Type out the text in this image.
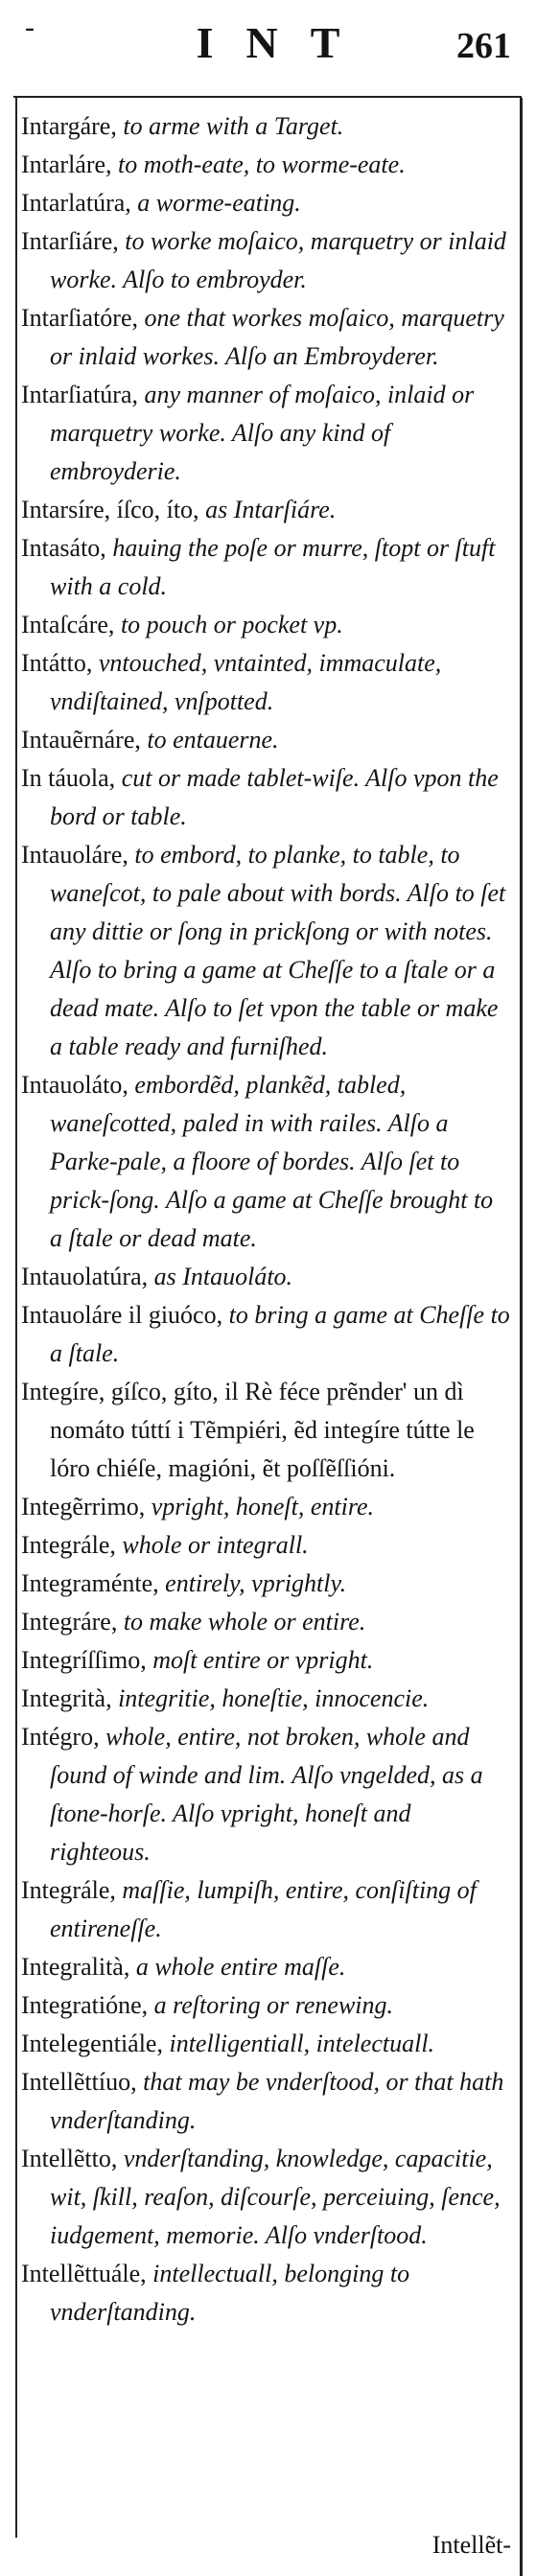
-	INT	261

Intargáre, to arme with a Target.

Intarláre, to moth-eate, to worme-eate.

Intarlatúra, a worme-eating.

Intarſiáre, to worke moſaico, marquetry or inlaid worke. Alſo to embroyder.

Intarſiatóre, one that workes moſaico, marquetry or inlaid workes. Alſo an Embroyderer.

Intarſiatúra, any manner of moſaico, inlaid or marquetry worke. Alſo any kind of embroyderie.

Intarsíre, íſco, íto, as Intarſiáre.

Intasáto, hauing the poſe or murre, ſtopt or ſtuft with a cold.

Intaſcáre, to pouch or pocket vp.

Intátto, vntouched, vntainted, immaculate, vndiſtained, vnſpotted.

Intauẽrnáre, to entauerne.

In táuola, cut or made tablet-wiſe. Alſo vpon the bord or table.

Intauoláre, to embord, to planke, to table, to waneſcot, to pale about with bords. Alſo to ſet any dittie or ſong in prickſong or with notes. Alſo to bring a game at Cheſſe to a ſtale or a dead mate. Alſo to ſet vpon the table or make a table ready and furniſhed.

Intauoláto, embordẽd, plankẽd, tabled, waneſcotted, paled in with railes. Alſo a Parke-pale, a floore of bordes. Alſo ſet to prick-ſong. Alſo a game at Cheſſe brought to a ſtale or dead mate.

Intauolatúra, as Intauoláto.

Intauoláre il giuóco, to bring a game at Cheſſe to a ſtale.

Integíre, gíſco, gíto, il Rè féce prẽnder' un dì nomáto túttí i Tẽmpiéri, ẽd integíre tútte le lóro chiéſe, magióni, ẽt poſſẽſſióni.

Integẽrrimo, vpright, honeſt, entire.

Integrále, whole or integrall.

Integraménte, entirely, vprightly.

Integráre, to make whole or entire.

Integríſſimo, moſt entire or vpright.

Integrità, integritie, honeſtie, innocencie.

Intégro, whole, entire, not broken, whole and ſound of winde and lim. Alſo vngelded, as a ſtone-horſe. Alſo vpright, honeſt and righteous.

Integrále, maſſie, lumpiſh, entire, conſiſting of entireneſſe.

Integralità, a whole entire maſſe.

Integratióne, a reſtoring or renewing.

Intelegentiále, intelligentiall, intelectuall.

Intellẽttíuo, that may be vnderſtood, or that hath vnderſtanding.

Intellẽtto, vnderſtanding, knowledge, capacitie, wit, ſkill, reaſon, diſcourſe, perceiuing, ſence, iudgement, memorie. Alſo vnderſtood.

Intellẽttuále, intellectuall, belonging to vnderſtanding.

Intellẽt-
